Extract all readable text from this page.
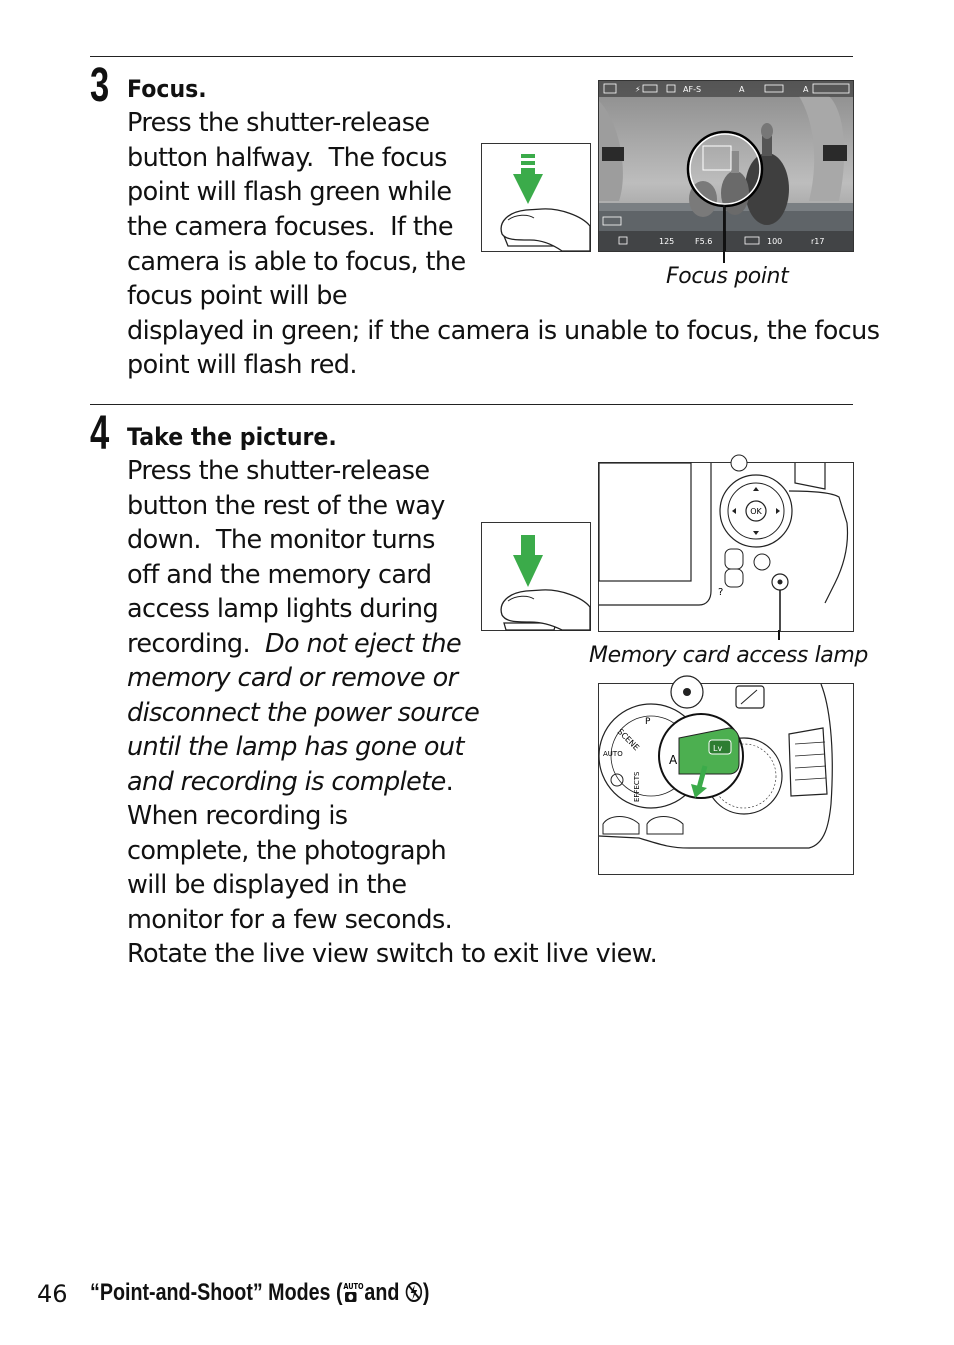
3 Focus.
Press the shutter-release
button halfway.  The focus
point will flash green while
the camera focuses.  If the
camera is able to focus, the
focus point will be
displayed in green; if the camera is unable to focus, the focus
point will flash red.
⚡	AF-S	A	A
125	F5.6	100	r17
Focus point
4 Take the picture.
Press the shutter-release
button the rest of the way
down.  The monitor turns
off and the memory card
access lamp lights during
recording.  Do not eject the
memory card or remove or
disconnect the power source
until the lamp has gone out
and recording is complete.
When recording is
complete, the photograph
will be displayed in the
monitor for a few seconds.
Rotate the live view switch to exit live view.
OK
?
Memory card access lamp
SCENE
AUTO
EFFECTS
P
Lv
A
46 “Point-and-Shoot” Modes ( AUTO
and
)
